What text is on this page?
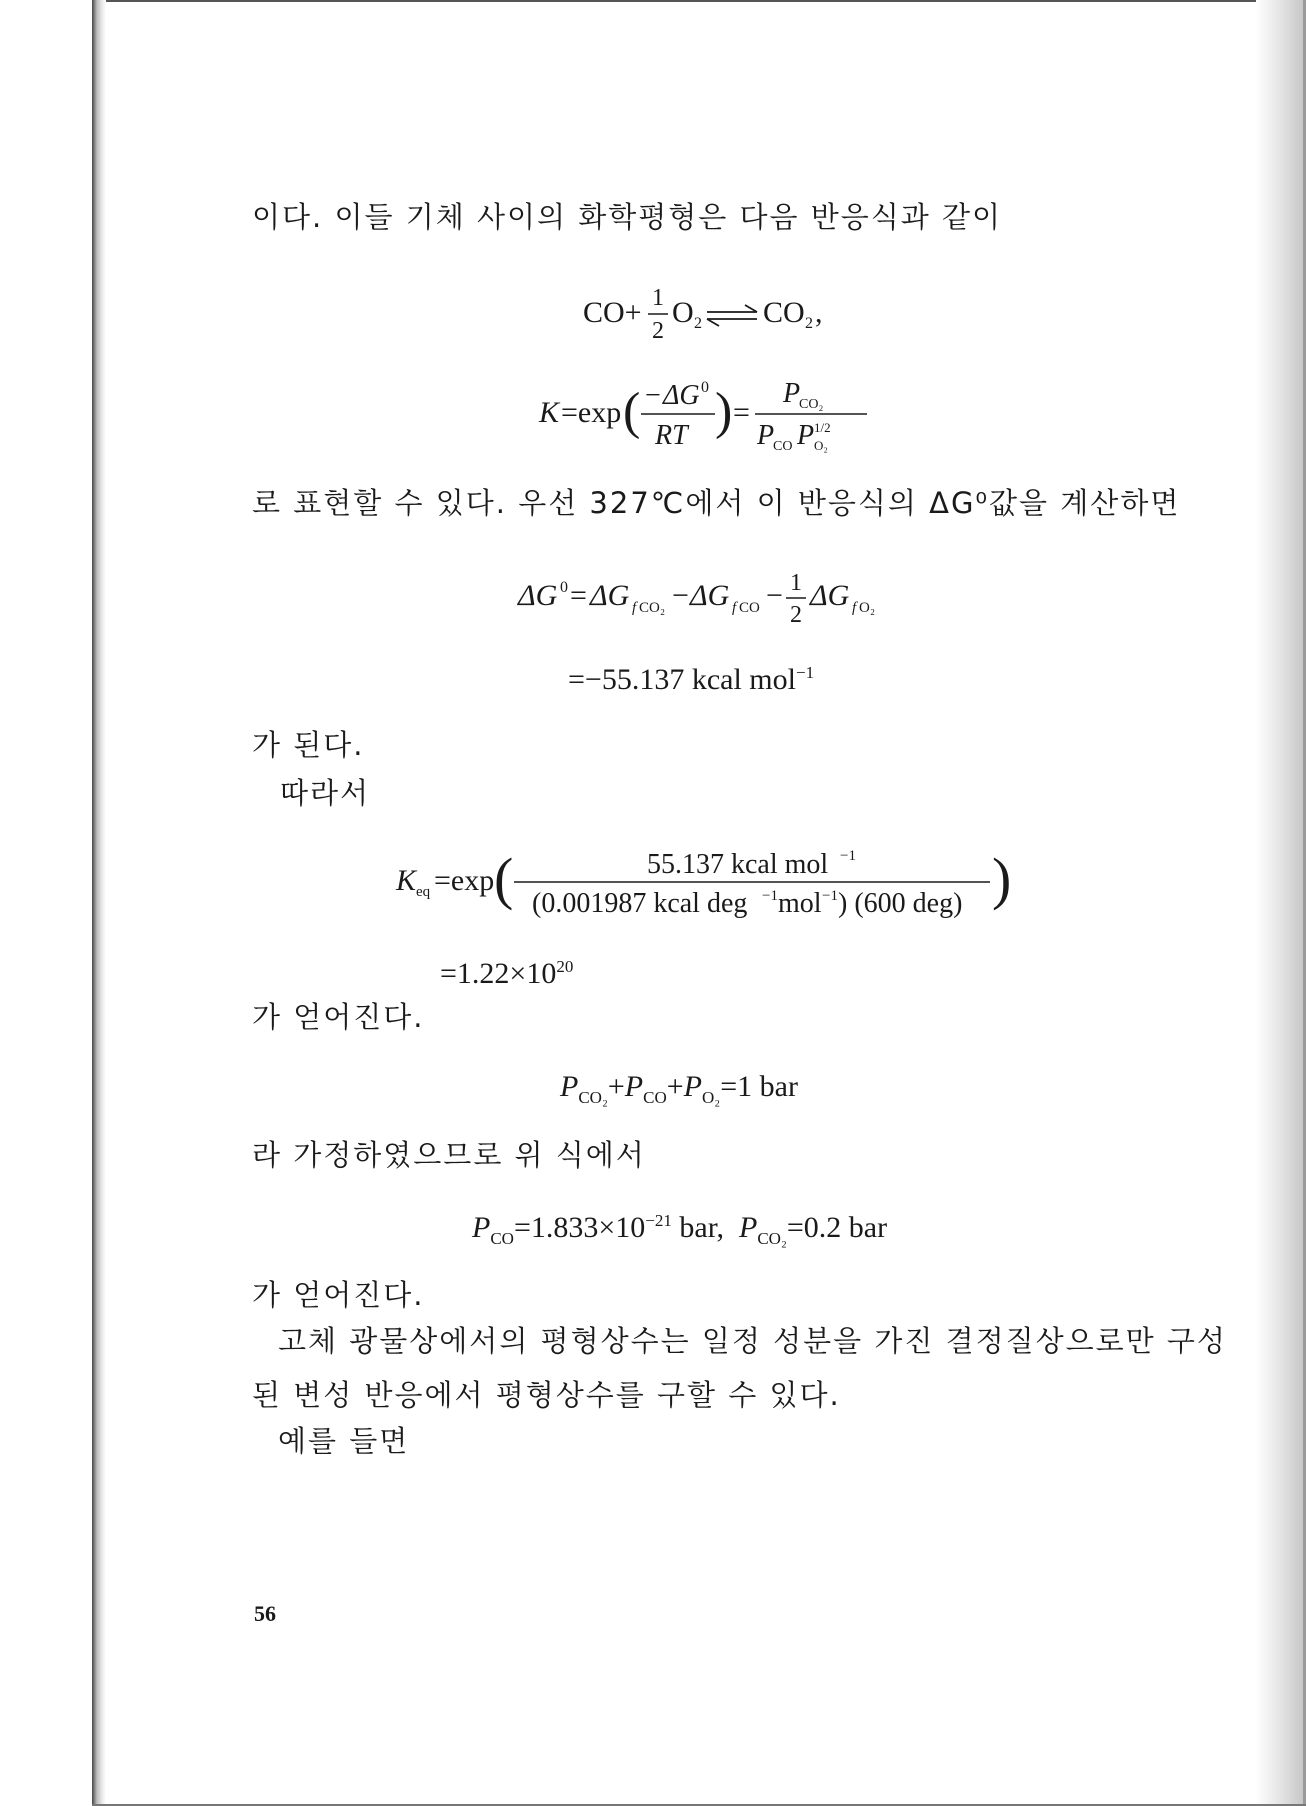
이다. 이들 기체 사이의 화학평형은 다음 반응식과 같이
CO+ 1
2
O 2 CO 2 ,
K =exp ( − ΔG 0
RT ) =
P
CO₂
P
CO P 1/2
O₂
로 표현할 수 있다. 우선 327℃에서 이 반응식의 ΔG⁰값을 계산하면
ΔG 0 = ΔG f CO₂ − ΔG f CO − 1
2
ΔG f O₂
=−55.137 kcal mol$^{-1}$
가 된다.
따라서
K eq =exp (	55.137 kcal mol −1
(0.001987 kcal deg −1 mol −1 ) (600 deg) )
$=1.22\times 10^{20}$
가 얻어진다.
$P_{CO_2}+P_{CO}+P_{O_2}=1$ bar
라 가정하였으므로 위 식에서
$P_{CO}=1.833\times 10^{-21}$ bar,  $P_{CO_2}=0.2$ bar
가 얻어진다.
고체 광물상에서의 평형상수는 일정 성분을 가진 결정질상으로만 구성
된 변성 반응에서 평형상수를 구할 수 있다.
예를 들면
56
